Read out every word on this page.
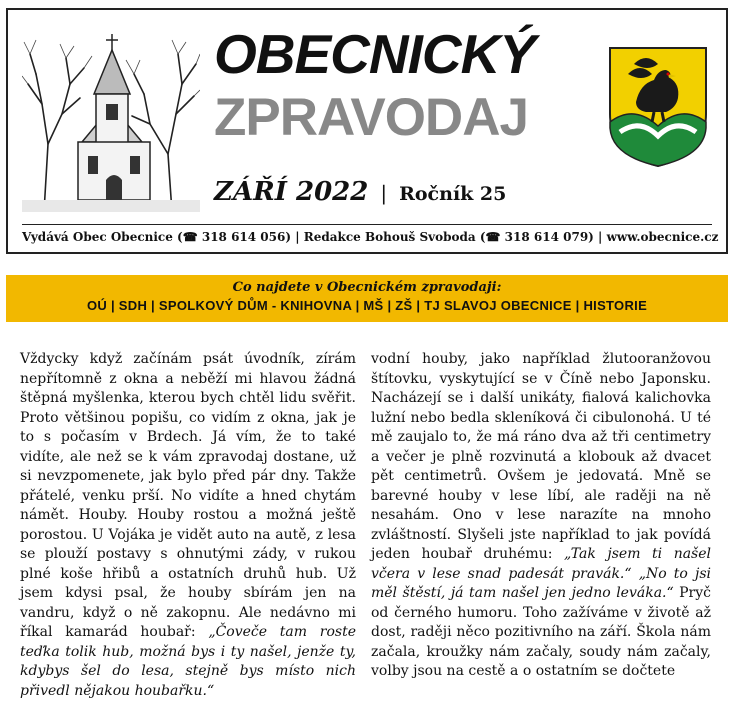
OBECNICKÝ
ZPRAVODAJ
ZÁŘÍ 2022 | Ročník 25
Vydává Obec Obecnice (☎ 318 614 056) | Redakce Bohouš Svoboda (☎ 318 614 079) | www.obecnice.cz
Co najdete v Obecnickém zpravodaji:
OÚ | SDH | SPOLKOVÝ DŮM - KNIHOVNA | MŠ | ZŠ | TJ SLAVOJ OBECNICE | HISTORIE

Vždycky když začínám psát úvodník, zírám nepřítomně z okna a neběží mi hlavou žádná štěpná myšlenka, kterou bych chtěl lidu svěřit. Proto většinou popišu, co vidím z okna, jak je to s počasím v Brdech. Já vím, že to také vidíte, ale než se k vám zpravodaj dostane, už si nevzpomenete, jak bylo před pár dny. Takže přátelé, venku prší. No vidíte a hned chytám námět. Houby. Houby rostou a možná ještě porostou. U Vojáka je vidět auto na autě, z lesa se plouží postavy s ohnutými zády, v rukou plné koše hřibů a ostatních druhů hub. Už jsem kdysi psal, že houby sbírám jen na vandru, když o ně zakopnu. Ale nedávno mi říkal kamarád houbař: „Čoveče tam roste teďka tolik hub, možná bys i ty našel, jenže ty, kdybys šel do lesa, stejně bys místo nich přivedl nějakou houbařku.“

vodní houby, jako například žlutooranžovou štítovku, vyskytující se v Číně nebo Japonsku. Nacházejí se i další unikáty, fialová kalichovka lužní nebo bedla skleníková či cibulonohá. U té mě zaujalo to, že má ráno dva až tři centimetry a večer je plně rozvinutá a klobouk až dvacet pět centimetrů. Ovšem je jedovatá. Mně se barevné houby v lese líbí, ale raději na ně nesahám. Ono v lese narazíte na mnoho zvláštností. Slyšeli jste například to jak povídá jeden houbař druhému: „Tak jsem ti našel včera v lese snad padesát pravák.“ „No to jsi měl štěstí, já tam našel jen jedno leváka.“ Pryč od černého humoru. Toho zažíváme v životě až dost, raději něco pozitivního na září. Škola nám začala, kroužky nám začaly, soudy nám začaly, volby jsou na cestě a o ostatním se dočtete
